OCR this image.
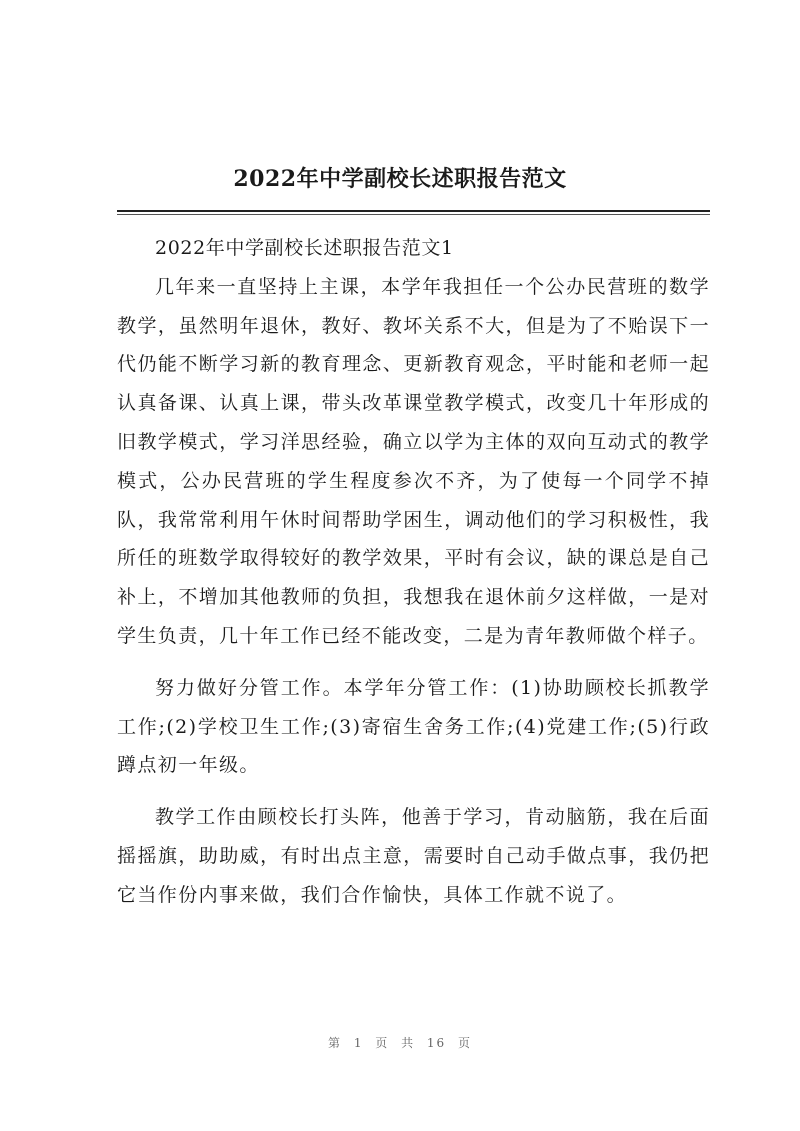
2022年中学副校长述职报告范文

2022年中学副校长述职报告范文1

几年来一直坚持上主课，本学年我担任一个公办民营班的数学教学，虽然明年退休，教好、教坏关系不大，但是为了不贻误下一代仍能不断学习新的教育理念、更新教育观念，平时能和老师一起认真备课、认真上课，带头改革课堂教学模式，改变几十年形成的旧教学模式，学习洋思经验，确立以学为主体的双向互动式的教学模式，公办民营班的学生程度参次不齐，为了使每一个同学不掉队，我常常利用午休时间帮助学困生，调动他们的学习积极性，我所任的班数学取得较好的教学效果，平时有会议，缺的课总是自己补上，不增加其他教师的负担，我想我在退休前夕这样做，一是对学生负责，几十年工作已经不能改变，二是为青年教师做个样子。

努力做好分管工作。本学年分管工作：(1)协助顾校长抓教学工作;(2)学校卫生工作;(3)寄宿生舍务工作;(4)党建工作;(5)行政蹲点初一年级。

教学工作由顾校长打头阵，他善于学习，肯动脑筋，我在后面摇摇旗，助助威，有时出点主意，需要时自己动手做点事，我仍把它当作份内事来做，我们合作愉快，具体工作就不说了。

第 1 页 共 16 页
